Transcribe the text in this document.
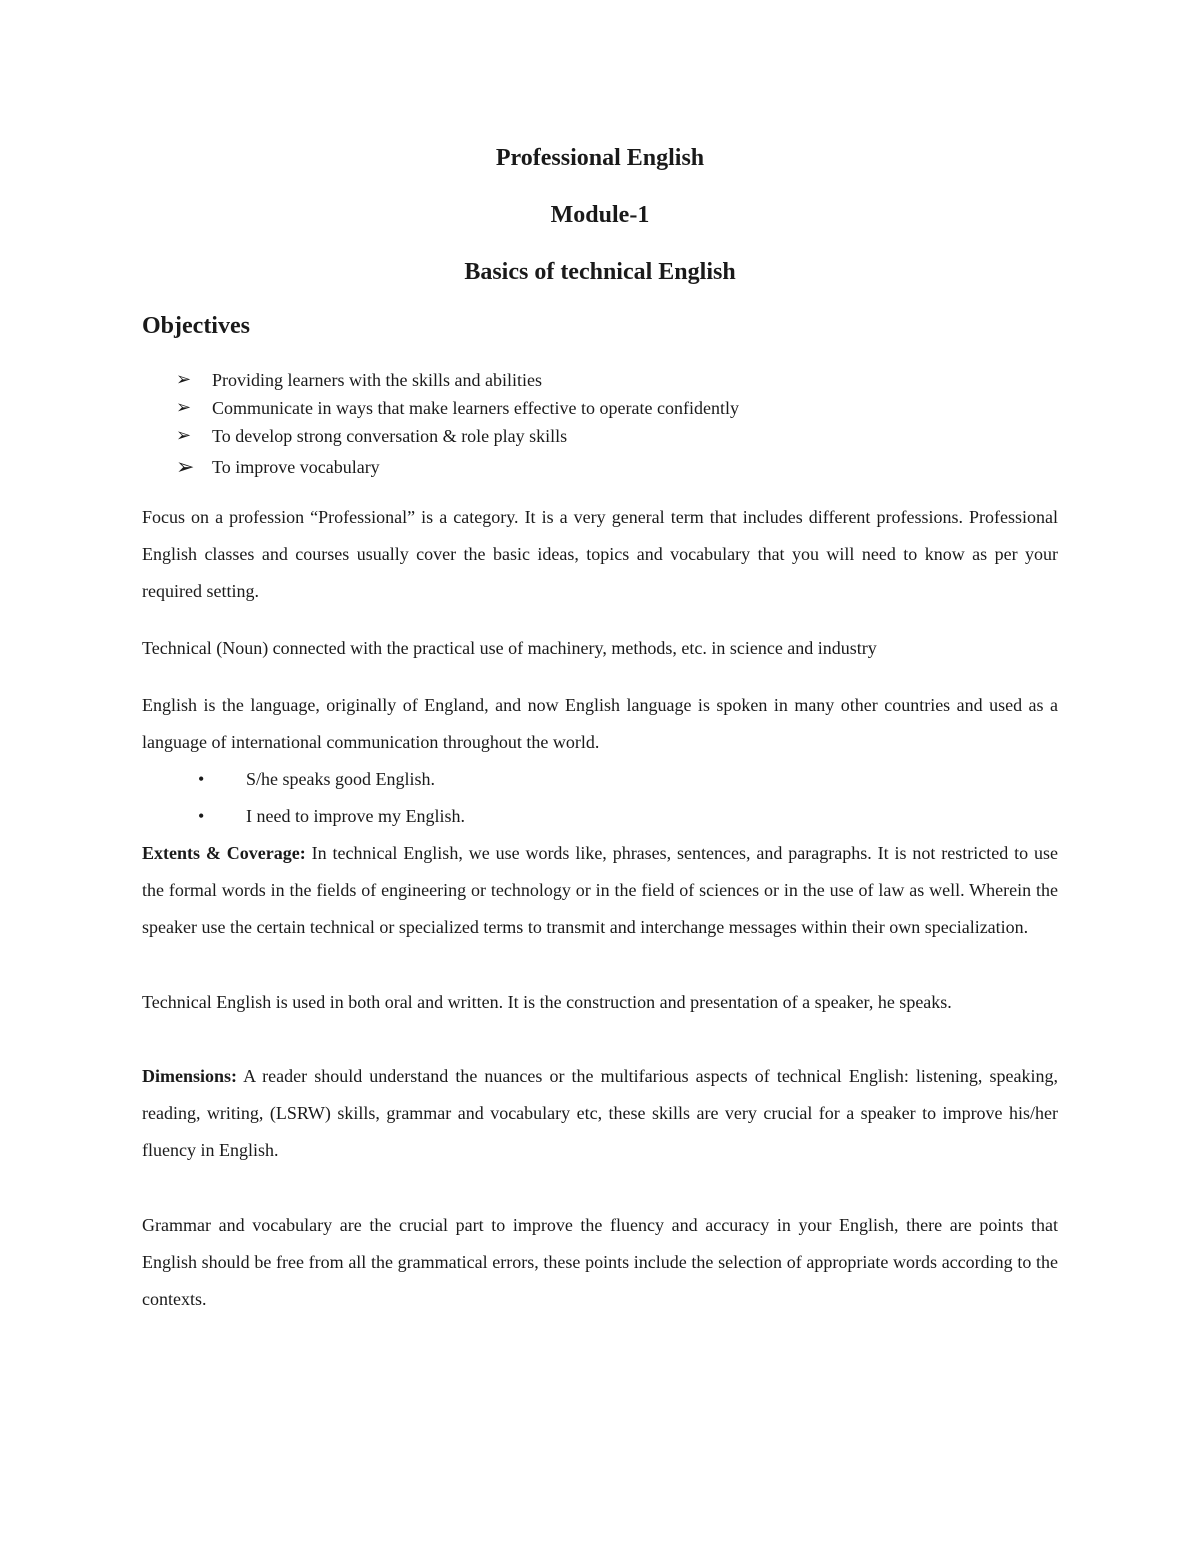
Professional English
Module-1
Basics of technical English
Objectives
➢ Providing learners with the skills and abilities
➢ Communicate in ways that make learners effective to operate confidently
➢ To develop strong conversation & role play skills
➢ To improve vocabulary

Focus on a profession “Professional” is a category. It is a very general term that includes different professions. Professional English classes and courses usually cover the basic ideas, topics and vocabulary that you will need to know as per your required setting.

Technical (Noun) connected with the practical use of machinery, methods, etc. in science and industry

English is the language, originally of England, and now English language is spoken in many other countries and used as a language of international communication throughout the world.

• S/he speaks good English.
• I need to improve my English.

Extents & Coverage: In technical English, we use words like, phrases, sentences, and paragraphs. It is not restricted to use the formal words in the fields of engineering or technology or in the field of sciences or in the use of law as well. Wherein the speaker use the certain technical or specialized terms to transmit and interchange messages within their own specialization.

Technical English is used in both oral and written. It is the construction and presentation of a speaker, he speaks.

Dimensions: A reader should understand the nuances or the multifarious aspects of technical English: listening, speaking, reading, writing, (LSRW) skills, grammar and vocabulary etc, these skills are very crucial for a speaker to improve his/her fluency in English.

Grammar and vocabulary are the crucial part to improve the fluency and accuracy in your English, there are points that English should be free from all the grammatical errors, these points include the selection of appropriate words according to the contexts.
